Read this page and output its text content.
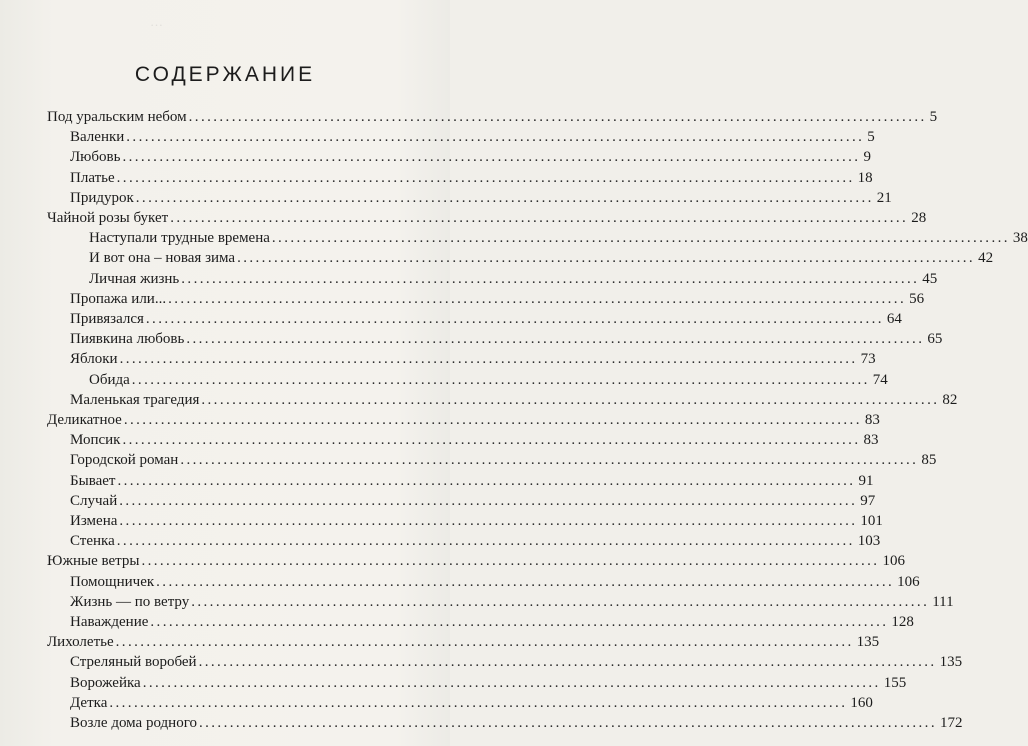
…
СОДЕРЖАНИЕ
Под уральским небом ........................................................................................................................ 5
Валенки ........................................................................................................................ 5
Любовь ........................................................................................................................ 9
Платье ........................................................................................................................ 18
Придурок ........................................................................................................................ 21
Чайной розы букет ........................................................................................................................ 28
Наступали трудные времена ........................................................................................................................ 38
И вот она – новая зима ........................................................................................................................ 42
Личная жизнь ........................................................................................................................ 45
Пропажа или... ........................................................................................................................ 56
Привязался ........................................................................................................................ 64
Пиявкина любовь ........................................................................................................................ 65
Яблоки ........................................................................................................................ 73
Обида ........................................................................................................................ 74
Маленькая трагедия ........................................................................................................................ 82
Деликатное ........................................................................................................................ 83
Мопсик ........................................................................................................................ 83
Городской роман ........................................................................................................................ 85
Бывает ........................................................................................................................ 91
Случай ........................................................................................................................ 97
Измена ........................................................................................................................ 101
Стенка ........................................................................................................................ 103
Южные ветры ........................................................................................................................ 106
Помощничек ........................................................................................................................ 106
Жизнь — по ветру ........................................................................................................................ 111
Наваждение ........................................................................................................................ 128
Лихолетье ........................................................................................................................ 135
Стреляный воробей ........................................................................................................................ 135
Ворожейка ........................................................................................................................ 155
Детка ........................................................................................................................ 160
Возле дома родного ........................................................................................................................ 172
